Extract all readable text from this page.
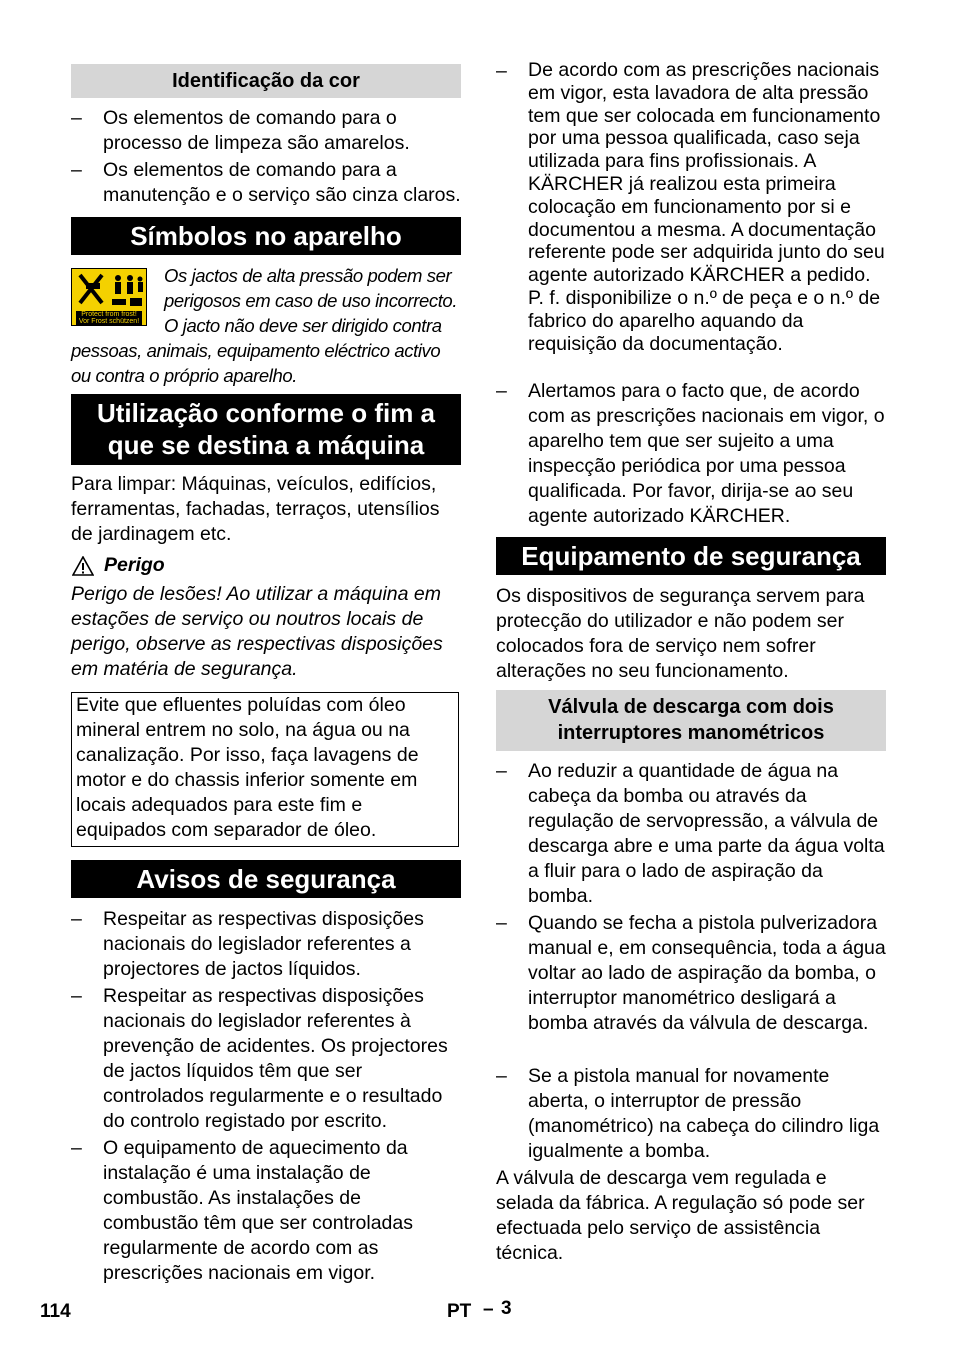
Identificação da cor
– Os elementos de comando para o processo de limpeza são amarelos.
– Os elementos de comando para a manutenção e o serviço são cinza claros.
Símbolos no aparelho
Protect from frost!
Vor Frost schützen!
Os jactos de alta pressão podem ser perigosos em caso de uso incorrecto. O jacto não deve ser dirigido contra pessoas, animais, equipamento eléctrico activo ou contra o próprio aparelho.
Utilização conforme o fim a
que se destina a máquina
Para limpar: Máquinas, veículos, edifícios, ferramentas, fachadas, terraços, utensílios de jardinagem etc.
Perigo
Perigo de lesões! Ao utilizar a máquina em estações de serviço ou noutros locais de perigo, observe as respectivas disposições em matéria de segurança.
Evite que efluentes poluídas com óleo mineral entrem no solo, na água ou na canalização. Por isso, faça lavagens de motor e do chassis inferior somente em locais adequados para este fim e equipados com separador de óleo.
Avisos de segurança
– Respeitar as respectivas disposições nacionais do legislador referentes a projectores de jactos líquidos.
– Respeitar as respectivas disposições nacionais do legislador referentes à prevenção de acidentes. Os projectores de jactos líquidos têm que ser controlados regularmente e o resultado do controlo registado por escrito.
– O equipamento de aquecimento da instalação é uma instalação de combustão. As instalações de combustão têm que ser controladas regularmente de acordo com as prescrições nacionais em vigor.
– De acordo com as prescrições nacionais em vigor, esta lavadora de alta pressão tem que ser colocada em funcionamento por uma pessoa qualificada, caso seja utilizada para fins profissionais. A KÄRCHER já realizou esta primeira colocação em funcionamento por si e documentou a mesma. A documentação referente pode ser adquirida junto do seu agente autorizado KÄRCHER a pedido. P. f. disponibilize o n.º de peça e o n.º de fabrico do aparelho aquando da requisição da documentação.
– Alertamos para o facto que, de acordo com as prescrições nacionais em vigor, o aparelho tem que ser sujeito a uma inspecção periódica por uma pessoa qualificada. Por favor, dirija-se ao seu agente autorizado KÄRCHER.
Equipamento de segurança
Os dispositivos de segurança servem para protecção do utilizador e não podem ser colocados fora de serviço nem sofrer alterações no seu funcionamento.
Válvula de descarga com dois
interruptores manométricos
– Ao reduzir a quantidade de água na cabeça da bomba ou através da regulação de servopressão, a válvula de descarga abre e uma parte da água volta a fluir para o lado de aspiração da bomba.
– Quando se fecha a pistola pulverizadora manual e, em consequência, toda a água voltar ao lado de aspiração da bomba, o interruptor manométrico desligará a bomba através da válvula de descarga.
– Se a pistola manual for novamente aberta, o interruptor de pressão (manométrico) na cabeça do cilindro liga igualmente a bomba.
A válvula de descarga vem regulada e selada da fábrica. A regulação só pode ser efectuada pelo serviço de assistência técnica.
114	PT – 3
